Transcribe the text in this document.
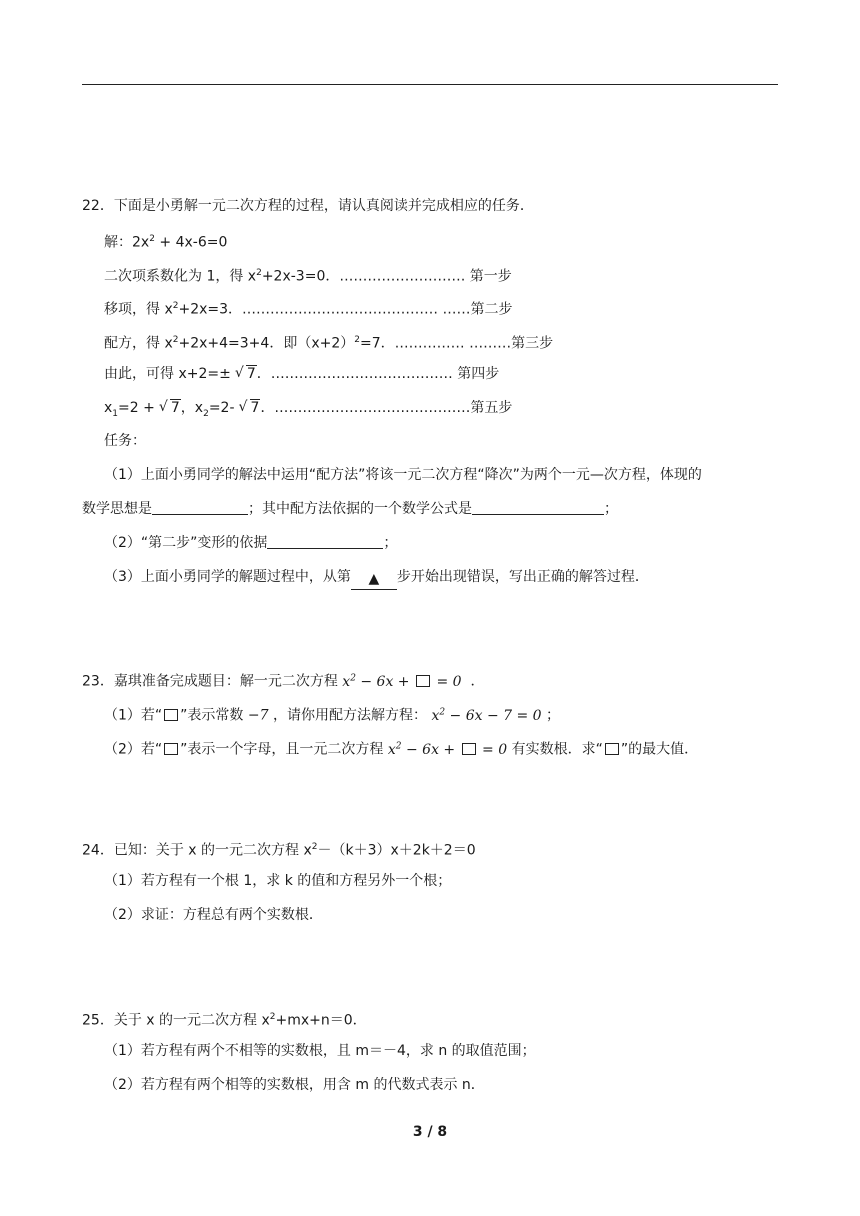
22．下面是小勇解一元二次方程的过程，请认真阅读并完成相应的任务．
解：$2x^2 + 4x-6=0$
二次项系数化为 1，得 $x^2+2x-3=0$．……………………… 第一步
移项，得 $x^2+2x=3$．…………………………………… ……第二步
配方，得 $x^2+2x+4=3+4$．即$(x+2)^2=7$．…………… ………第三步
由此，可得 x+2=±√ 7．………………………………… 第四步
$x_1=2$ +√ 7，$x_2=2-√$ 7．……………………………………第五步
任务：
（1）上面小勇同学的解法中运用“配方法”将该一元二次方程“降次”为两个一元—次方程，体现的
数学思想是	；其中配方法依据的一个数学公式是	；
（2）“第二步”变形的依据	；
（3）上面小勇同学的解题过程中，从第 ▲ 步开始出现错误，写出正确的解答过程．
23．嘉琪准备完成题目：解一元二次方程 $x^2 - 6x$ +  = 0 ．
（1）若“ ”表示常数 −7 ，请你用配方法解方程： $x^2 - 6x - 7 = 0$ ；
（2）若“ ”表示一个字母，且一元二次方程 $x^2 - 6x$ +  = 0 有实数根．求“ ”的最大值．
24．已知：关于 x 的一元二次方程 $x^2-(k+3)x+2k+2=0$
（1）若方程有一个根 1，求 k 的值和方程另外一个根；
（2）求证：方程总有两个实数根．
25．关于 x 的一元二次方程 $x^2+mx+n=0$．
（1）若方程有两个不相等的实数根，且 m＝－4，求 n 的取值范围；
（2）若方程有两个相等的实数根，用含 m 的代数式表示 n．
3 / 8
